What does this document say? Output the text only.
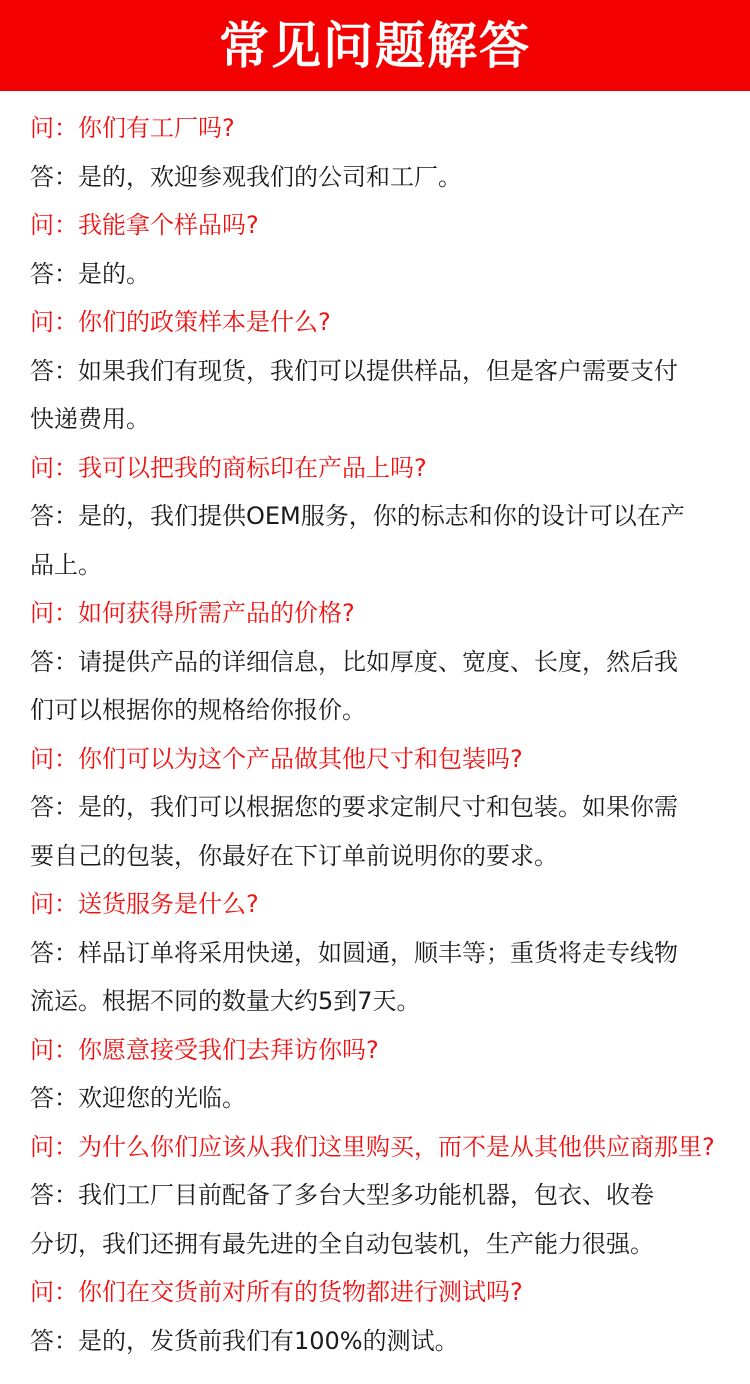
常见问题解答
问：你们有工厂吗?
答：是的，欢迎参观我们的公司和工厂。
问：我能拿个样品吗?
答：是的。
问：你们的政策样本是什么?
答：如果我们有现货，我们可以提供样品，但是客户需要支付
快递费用。
问：我可以把我的商标印在产品上吗?
答：是的，我们提供OEM服务，你的标志和你的设计可以在产
品上。
问：如何获得所需产品的价格?
答：请提供产品的详细信息，比如厚度、宽度、长度，然后我
们可以根据你的规格给你报价。
问：你们可以为这个产品做其他尺寸和包装吗?
答：是的，我们可以根据您的要求定制尺寸和包装。如果你需
要自己的包装，你最好在下订单前说明你的要求。
问：送货服务是什么?
答：样品订单将采用快递，如圆通，顺丰等；重货将走专线物
流运。根据不同的数量大约5到7天。
问：你愿意接受我们去拜访你吗?
答：欢迎您的光临。
问：为什么你们应该从我们这里购买，而不是从其他供应商那里?
答：我们工厂目前配备了多台大型多功能机器，包衣、收卷
分切，我们还拥有最先进的全自动包装机，生产能力很强。
问：你们在交货前对所有的货物都进行测试吗?
答：是的，发货前我们有100%的测试。
